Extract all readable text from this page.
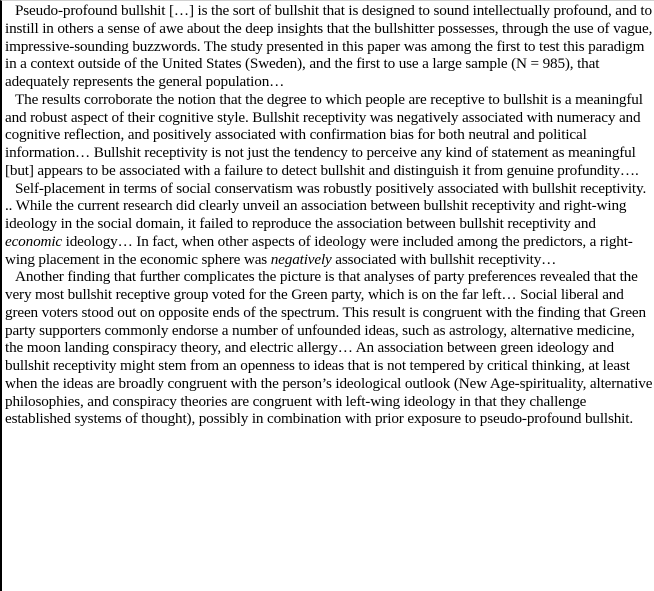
Pseudo-profound bullshit […] is the sort of bullshit that is designed to sound intellectually profound, and to instill in others a sense of awe about the deep insights that the bullshitter possesses, through the use of vague, impressive-sounding buzzwords. The study presented in this paper was among the first to test this paradigm in a context outside of the United States (Sweden), and the first to use a large sample (N = 985), that adequately represents the general population…

The results corroborate the notion that the degree to which people are receptive to bullshit is a meaningful and robust aspect of their cognitive style. Bullshit receptivity was negatively associated with numeracy and cognitive reflection, and positively associated with confirmation bias for both neutral and political information… Bullshit receptivity is not just the tendency to perceive any kind of statement as meaningful [but] appears to be associated with a failure to detect bullshit and distinguish it from genuine profundity….

Self-placement in terms of social conservatism was robustly positively associated with bullshit receptivity. .. While the current research did clearly unveil an association between bullshit receptivity and right-wing ideology in the social domain, it failed to reproduce the association between bullshit receptivity and economic ideology… In fact, when other aspects of ideology were included among the predictors, a right-wing placement in the economic sphere was negatively associated with bullshit receptivity…

Another finding that further complicates the picture is that analyses of party preferences revealed that the very most bullshit receptive group voted for the Green party, which is on the far left… Social liberal and green voters stood out on opposite ends of the spectrum. This result is congruent with the finding that Green party supporters commonly endorse a number of unfounded ideas, such as astrology, alternative medicine, the moon landing conspiracy theory, and electric allergy… An association between green ideology and bullshit receptivity might stem from an openness to ideas that is not tempered by critical thinking, at least when the ideas are broadly congruent with the person’s ideological outlook (New Age-spirituality, alternative philosophies, and conspiracy theories are congruent with left-wing ideology in that they challenge established systems of thought), possibly in combination with prior exposure to pseudo-profound bullshit.
